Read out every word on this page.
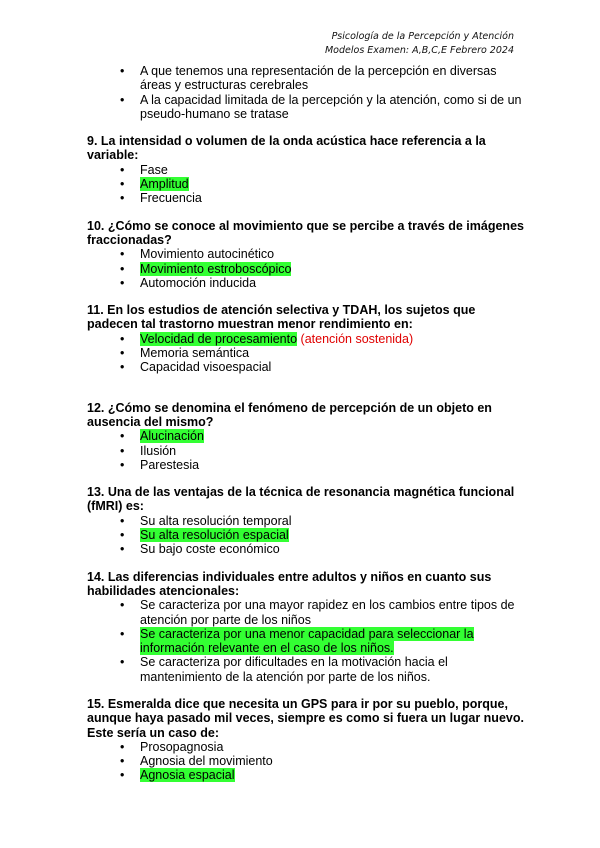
Psicología de la Percepción y Atención
Modelos Examen: A,B,C,E Febrero 2024
• A que tenemos una representación de la percepción en diversas áreas y estructuras cerebrales
• A la capacidad limitada de la percepción y la atención, como si de un pseudo-humano se tratase
9. La intensidad o volumen de la onda acústica hace referencia a la variable:
• Fase
• Amplitud
• Frecuencia
10. ¿Cómo se conoce al movimiento que se percibe a través de imágenes fraccionadas?
• Movimiento autocinético
• Movimiento estroboscópico
• Automoción inducida
11. En los estudios de atención selectiva y TDAH, los sujetos que padecen tal trastorno muestran menor rendimiento en:
• Velocidad de procesamiento (atención sostenida)
• Memoria semántica
• Capacidad visoespacial
12. ¿Cómo se denomina el fenómeno de percepción de un objeto en ausencia del mismo?
• Alucinación
• Ilusión
• Parestesia
13. Una de las ventajas de la técnica de resonancia magnética funcional (fMRI) es:
• Su alta resolución temporal
• Su alta resolución espacial
• Su bajo coste económico
14. Las diferencias individuales entre adultos y niños en cuanto sus habilidades atencionales:
• Se caracteriza por una mayor rapidez en los cambios entre tipos de atención por parte de los niños
• Se caracteriza por una menor capacidad para seleccionar la información relevante en el caso de los niños.
• Se caracteriza por dificultades en la motivación hacia el mantenimiento de la atención por parte de los niños.
15. Esmeralda dice que necesita un GPS para ir por su pueblo, porque, aunque haya pasado mil veces, siempre es como si fuera un lugar nuevo. Este sería un caso de:
• Prosopagnosia
• Agnosia del movimiento
• Agnosia espacial
